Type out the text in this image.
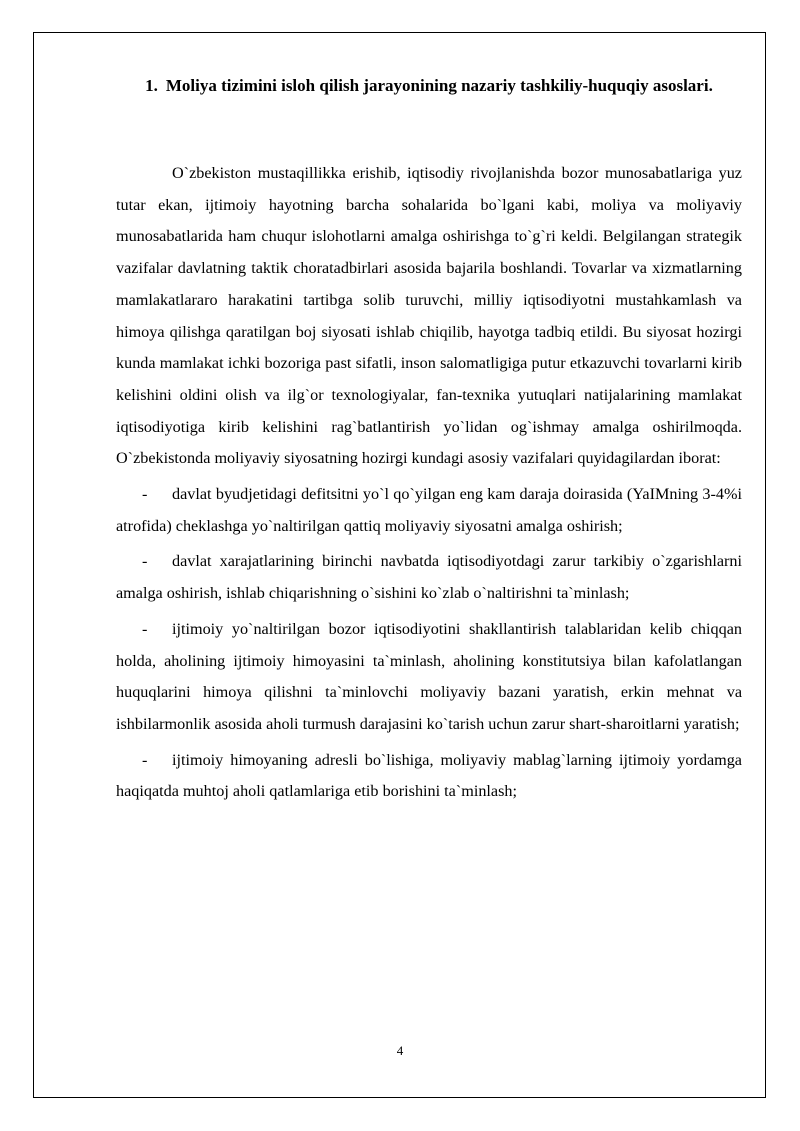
1. Moliya tizimini isloh qilish jarayonining nazariy tashkiliy-huquqiy asoslari.

O`zbekiston mustaqillikka erishib, iqtisodiy rivojlanishda bozor munosabatlariga yuz tutar ekan, ijtimoiy hayotning barcha sohalarida bo`lgani kabi, moliya va moliyaviy munosabatlarida ham chuqur islohotlarni amalga oshirishga to`g`ri keldi. Belgilangan strategik vazifalar davlatning taktik choratadbirlari asosida bajarila boshlandi. Tovarlar va xizmatlarning mamlakatlararo harakatini tartibga solib turuvchi, milliy iqtisodiyotni mustahkamlash va himoya qilishga qaratilgan boj siyosati ishlab chiqilib, hayotga tadbiq etildi. Bu siyosat hozirgi kunda mamlakat ichki bozoriga past sifatli, inson salomatligiga putur etkazuvchi tovarlarni kirib kelishini oldini olish va ilg`or texnologiyalar, fan-texnika yutuqlari natijalarining mamlakat iqtisodiyotiga kirib kelishini rag`batlantirish yo`lidan og`ishmay amalga oshirilmoqda. O`zbekistonda moliyaviy siyosatning hozirgi kundagi asosiy vazifalari quyidagilardan iborat:

- davlat byudjetidagi defitsitni yo`l qo`yilgan eng kam daraja doirasida (YaIMning 3-4%i atrofida) cheklashga yo`naltirilgan qattiq moliyaviy siyosatni amalga oshirish;

- davlat xarajatlarining birinchi navbatda iqtisodiyotdagi zarur tarkibiy o`zgarishlarni amalga oshirish, ishlab chiqarishning o`sishini ko`zlab o`naltirishni ta`minlash;

- ijtimoiy yo`naltirilgan bozor iqtisodiyotini shakllantirish talablaridan kelib chiqqan holda, aholining ijtimoiy himoyasini ta`minlash, aholining konstitutsiya bilan kafolatlangan huquqlarini himoya qilishni ta`minlovchi moliyaviy bazani yaratish, erkin mehnat va ishbilarmonlik asosida aholi turmush darajasini ko`tarish uchun zarur shart-sharoitlarni yaratish;

- ijtimoiy himoyaning adresli bo`lishiga, moliyaviy mablag`larning ijtimoiy yordamga haqiqatda muhtoj aholi qatlamlariga etib borishini ta`minlash;

4
